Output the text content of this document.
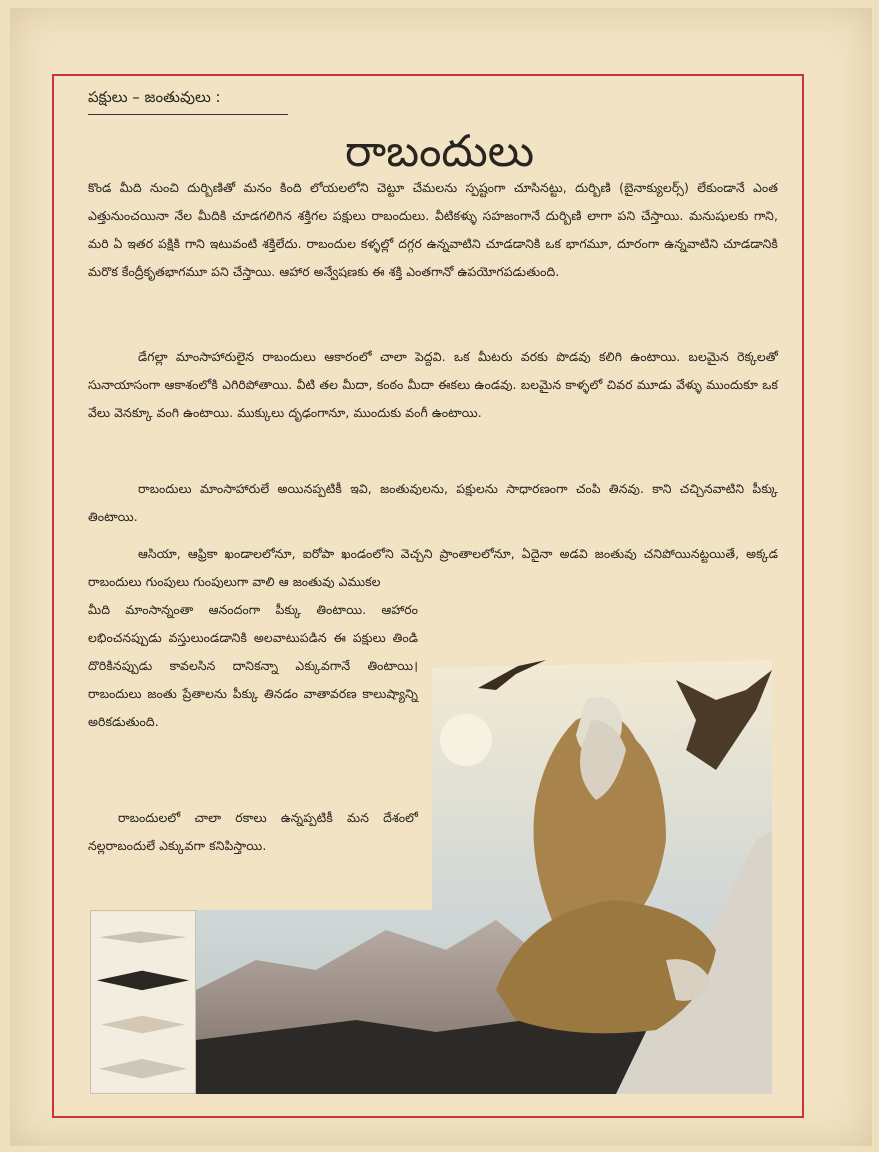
పక్షులు – జంతువులు :
రాబందులు

కొండ మీది నుంచి దుర్బిణితో మనం కింది లోయలలోని చెట్టూ చేమలను స్పష్టంగా చూసినట్టు, దుర్బిణి (బైనాక్యులర్స్) లేకుండానే ఎంత ఎత్తునుంచయినా నేల మీదికి చూడగలిగిన శక్తిగల పక్షులు రాబందులు. వీటికళ్ళు సహజంగానే దుర్బిణి లాగా పని చేస్తాయి. మనుషులకు గాని, మరి ఏ ఇతర పక్షికి గాని ఇటువంటి శక్తిలేదు. రాబందుల కళ్ళల్లో దగ్గర ఉన్నవాటిని చూడడానికి ఒక భాగమూ, దూరంగా ఉన్నవాటిని చూడడానికి మరొక కేంద్రీకృతభాగమూ పని చేస్తాయి. ఆహార అన్వేషణకు ఈ శక్తి ఎంతగానో ఉపయోగపడుతుంది.

డేగల్లా మాంసాహారులైన రాబందులు ఆకారంలో చాలా పెద్దవి. ఒక మీటరు వరకు పొడవు కలిగి ఉంటాయి. బలమైన రెక్కలతో సునాయాసంగా ఆకాశంలోకి ఎగిరిపోతాయి. వీటి తల మీదా, కంఠం మీదా ఈకలు ఉండవు. బలమైన కాళ్ళలో చివర మూడు వేళ్ళు ముందుకూ ఒక వేలు వెనక్కూ వంగి ఉంటాయి. ముక్కులు దృఢంగానూ, ముందుకు వంగీ ఉంటాయి.

రాబందులు మాంసాహారులే అయినప్పటికీ ఇవి, జంతువులను, పక్షులను సాధారణంగా చంపి తినవు. కాని చచ్చినవాటిని పీక్కు తింటాయి.

ఆసియా, ఆఫ్రికా ఖండాలలోనూ, ఐరోపా ఖండంలోని వెచ్చని ప్రాంతాలలోనూ, ఏదైనా అడవి జంతువు చనిపోయినట్టయితే, అక్కడ రాబందులు గుంపులు గుంపులుగా వాలి ఆ జంతువు ఎముకల

మీది మాంసాన్నంతా ఆనందంగా పీక్కు తింటాయి. ఆహారం లభించనప్పుడు వస్తులుండడానికి అలవాటుపడిన ఈ పక్షులు తిండి దొరికినప్పుడు కావలసిన దానికన్నా ఎక్కువగానే తింటాయి। రాబందులు జంతు ప్రేతాలను పీక్కు తినడం వాతావరణ కాలుష్యాన్ని అరికడుతుంది.

రాబందులలో చాలా రకాలు ఉన్నప్పటికీ మన దేశంలో నల్లరాబందులే ఎక్కువగా కనిపిస్తాయి.
